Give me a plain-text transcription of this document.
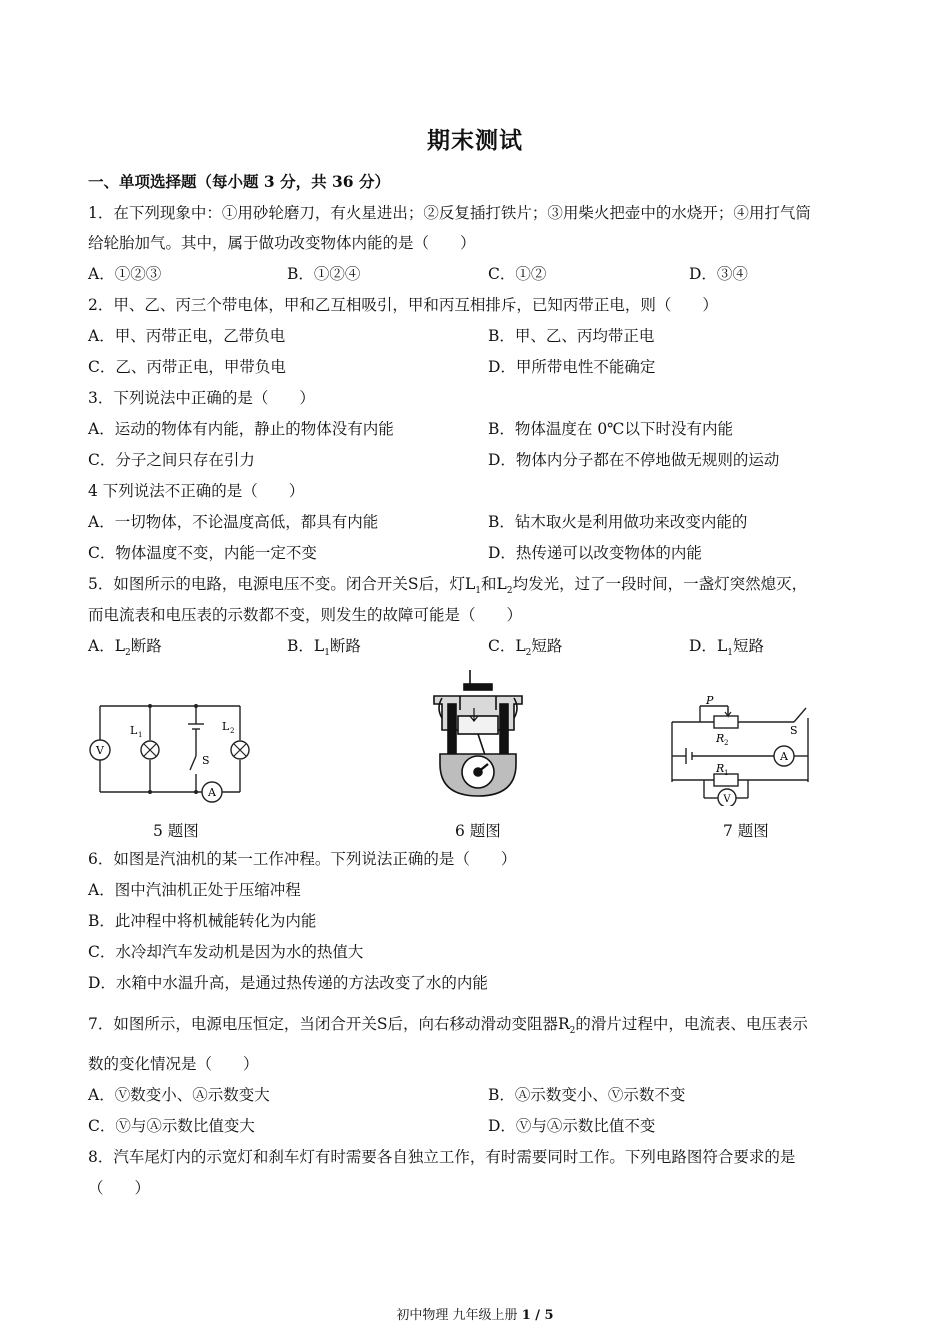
期末测试
一、单项选择题（每小题 3 分，共 36 分）
1．在下列现象中：①用砂轮磨刀，有火星进出；②反复插打铁片；③用柴火把壶中的水烧开；④用打气筒
给轮胎加气。其中，属于做功改变物体内能的是（　　）
A．①②③	B．①②④	C．①②	D．③④
2．甲、乙、丙三个带电体，甲和乙互相吸引，甲和丙互相排斥，已知丙带正电，则（　　）
A．甲、丙带正电，乙带负电	B．甲、乙、丙均带正电
C．乙、丙带正电，甲带负电	D．甲所带电性不能确定
3．下列说法中正确的是（　　）
A．运动的物体有内能，静止的物体没有内能	B．物体温度在 0℃以下时没有内能
C．分子之间只存在引力	D．物体内分子都在不停地做无规则的运动
4 下列说法不正确的是（　　）
A．一切物体，不论温度高低，都具有内能	B．钻木取火是利用做功来改变内能的
C．物体温度不变，内能一定不变	D．热传递可以改变物体的内能
5．如图所示的电路，电源电压不变。闭合开关S后，灯$L_1$和$L_2$均发光，过了一段时间，一盏灯突然熄灭，
而电流表和电压表的示数都不变，则发生的故障可能是（　　）
A．$L_2$断路	B．$L_1$断路	C．$L_2$短路	D．$L_1$短路
V
L 1
L 2
S
A
A
V
P
R 2
R 1
S
5 题图	6 题图	7 题图
6．如图是汽油机的某一工作冲程。下列说法正确的是（　　）
A．图中汽油机正处于压缩冲程
B．此冲程中将机械能转化为内能
C．水冷却汽车发动机是因为水的热值大
D．水箱中水温升高，是通过热传递的方法改变了水的内能
7．如图所示，电源电压恒定，当闭合开关S后，向右移动滑动变阻器$R_2$的滑片过程中，电流表、电压表示
数的变化情况是（　　）
A．Ⓥ数变小、Ⓐ示数变大	B．Ⓐ示数变小、Ⓥ示数不变
C．Ⓥ与Ⓐ示数比值变大	D．Ⓥ与Ⓐ示数比值不变
8．汽车尾灯内的示宽灯和刹车灯有时需要各自独立工作，有时需要同时工作。下列电路图符合要求的是
（　　）
初中物理 九年级上册 1 / 5
